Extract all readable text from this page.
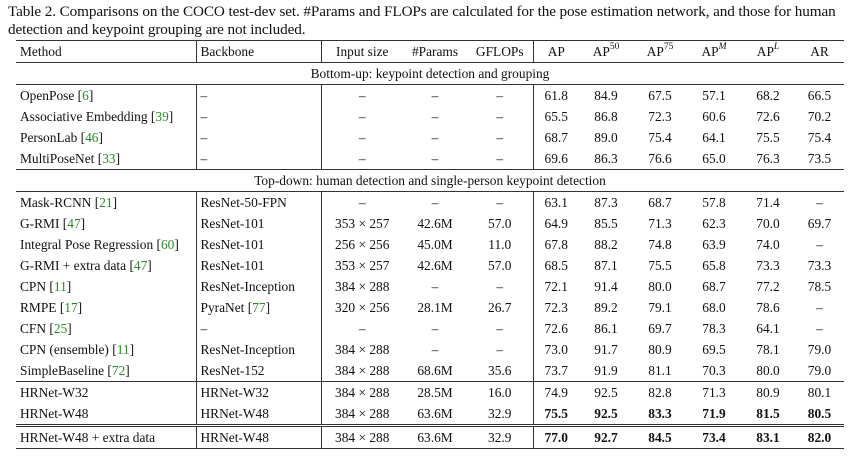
Table 2. Comparisons on the COCO test-dev set. #Params and FLOPs are calculated for the pose estimation network, and those for human detection and keypoint grouping are not included.
Method	Backbone	Input size	#Params	GFLOPs	AP	AP$^{50}$	AP$^{75}$	$AP^M$	$AP^L$	AR
Bottom-up: keypoint detection and grouping										
OpenPose [6]	–	–	–	–	61.8	84.9	67.5	57.1	68.2	66.5
Associative Embedding [39]	–	–	–	–	65.5	86.8	72.3	60.6	72.6	70.2
PersonLab [46]	–	–	–	–	68.7	89.0	75.4	64.1	75.5	75.4
MultiPoseNet [33]	–	–	–	–	69.6	86.3	76.6	65.0	76.3	73.5
Top-down: human detection and single-person keypoint detection										
Mask-RCNN [21]	ResNet-50-FPN	–	–	–	63.1	87.3	68.7	57.8	71.4	–
G-RMI [47]	ResNet-101	353 × 257	42.6M	57.0	64.9	85.5	71.3	62.3	70.0	69.7
Integral Pose Regression [60]	ResNet-101	256 × 256	45.0M	11.0	67.8	88.2	74.8	63.9	74.0	–
G-RMI + extra data [47]	ResNet-101	353 × 257	42.6M	57.0	68.5	87.1	75.5	65.8	73.3	73.3
CPN [11]	ResNet-Inception	384 × 288	–	–	72.1	91.4	80.0	68.7	77.2	78.5
RMPE [17]	PyraNet [77]	320 × 256	28.1M	26.7	72.3	89.2	79.1	68.0	78.6	–
CFN [25]	–	–	–	–	72.6	86.1	69.7	78.3	64.1	–
CPN (ensemble) [11]	ResNet-Inception	384 × 288	–	–	73.0	91.7	80.9	69.5	78.1	79.0
SimpleBaseline [72]	ResNet-152	384 × 288	68.6M	35.6	73.7	91.9	81.1	70.3	80.0	79.0
HRNet-W32	HRNet-W32	384 × 288	28.5M	16.0	74.9	92.5	82.8	71.3	80.9	80.1
HRNet-W48	HRNet-W48	384 × 288	63.6M	32.9	75.5	92.5	83.3	71.9	81.5	80.5
HRNet-W48 + extra data	HRNet-W48	384 × 288	63.6M	32.9	77.0	92.7	84.5	73.4	83.1	82.0
